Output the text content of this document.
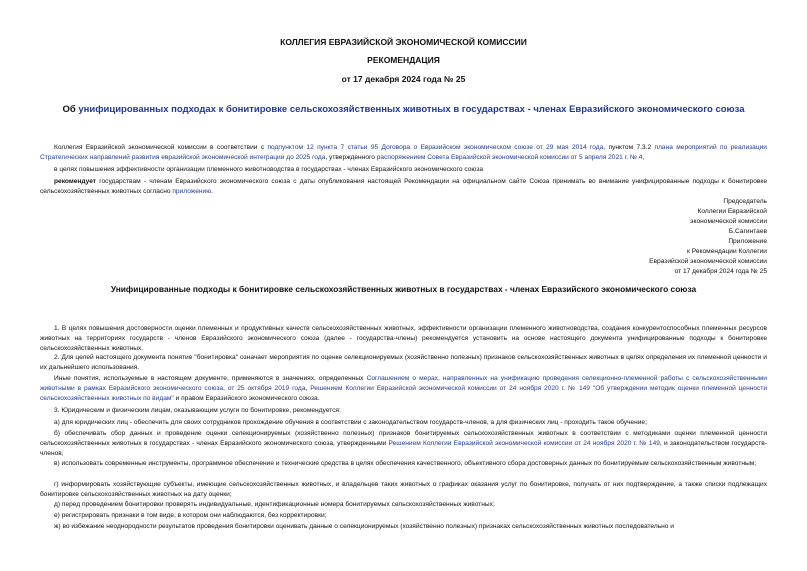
КОЛЛЕГИЯ ЕВРАЗИЙСКОЙ ЭКОНОМИЧЕСКОЙ КОМИССИИ
РЕКОМЕНДАЦИЯ
от 17 декабря 2024 года № 25
Об унифицированных подходах к бонитировке сельскохозяйственных животных в государствах - членах Евразийского экономического союза
Коллегия Евразийской экономической комиссии в соответствии с подпунктом 12 пункта 7 статьи 95 Договора о Евразийском экономическом союзе от 29 мая 2014 года, пунктом 7.3.2 плана мероприятий по реализации Стратегических направлений развития евразийской экономической интеграции до 2025 года, утвержденного распоряжением Совета Евразийской экономической комиссии от 5 апреля 2021 г. № 4,
в целях повышения эффективности организации племенного животноводства в государствах - членах Евразийского экономического союза
рекомендует государствам - членам Евразийского экономического союза с даты опубликования настоящей Рекомендации на официальном сайте Союза принимать во внимание унифицированные подходы к бонитировке сельскохозяйственных животных согласно приложению.
Председатель
Коллегии Евразийской
экономической комиссии
Б.Сагинтаев
Приложение
к Рекомендации Коллегии
Евразийской экономической комиссии
от 17 декабря 2024 года № 25
Унифицированные подходы к бонитировке сельскохозяйственных животных в государствах - членах Евразийского экономического союза
1. В целях повышения достоверности оценки племенных и продуктивных качеств сельскохозяйственных животных, эффективности организации племенного животноводства, создания конкурентоспособных племенных ресурсов животных на территориях государств - членов Евразийского экономического союза (далее - государства-члены) рекомендуется установить на основе настоящего документа унифицированные подходы к бонитировке сельскохозяйственных животных.
2. Для целей настоящего документа понятие "бонитировка" означает мероприятия по оценке селекционируемых (хозяйственно полезных) признаков сельскохозяйственных животных в целях определения их племенной ценности и их дальнейшего использования.
Иные понятия, используемые в настоящем документе, применяются в значениях, определенных Соглашением о мерах, направленных на унификацию проведения селекционно-племенной работы с сельскохозяйственными животными в рамках Евразийского экономического союза, от 25 октября 2019 года, Решением Коллегии Евразийской экономической комиссии от 24 ноября 2020 г. № 149 "Об утверждении методик оценки племенной ценности сельскохозяйственных животных по видам" и правом Евразийского экономического союза.
3. Юридическим и физическим лицам, оказывающим услуги по бонитировке, рекомендуется:
а) для юридических лиц - обеспечить для своих сотрудников прохождение обучения в соответствии с законодательством государств-членов, а для физических лиц - проходить такое обучение;
б) обеспечивать сбор данных и проведение оценки селекционируемых (хозяйственно полезных) признаков бонитируемых сельскохозяйственных животных в соответствии с методиками оценки племенной ценности сельскохозяйственных животных в государствах - членах Евразийского экономического союза, утвержденными Решением Коллегии Евразийской экономической комиссии от 24 ноября 2020 г. № 149, и законодательством государств-членов;
в) использовать современные инструменты, программное обеспечение и технические средства в целях обеспечения качественного, объективного сбора достоверных данных по бонитируемым сельскохозяйственным животным;
г) информировать хозяйствующие субъекты, имеющие сельскохозяйственных животных, и владельцев таких животных о графиках оказания услуг по бонитировке, получать от них подтверждение, а также списки подлежащих бонитировке сельскохозяйственных животных на дату оценки;
д) перед проведением бонитировки проверять индивидуальные, идентификационные номера бонитируемых сельскохозяйственных животных;
е) регистрировать признаки в том виде, в котором они наблюдаются, без корректировки;
ж) во избежание неоднородности результатов проведения бонитировки оценивать данные о селекционируемых (хозяйственно полезных) признаках сельскохозяйственных животных последовательно и
